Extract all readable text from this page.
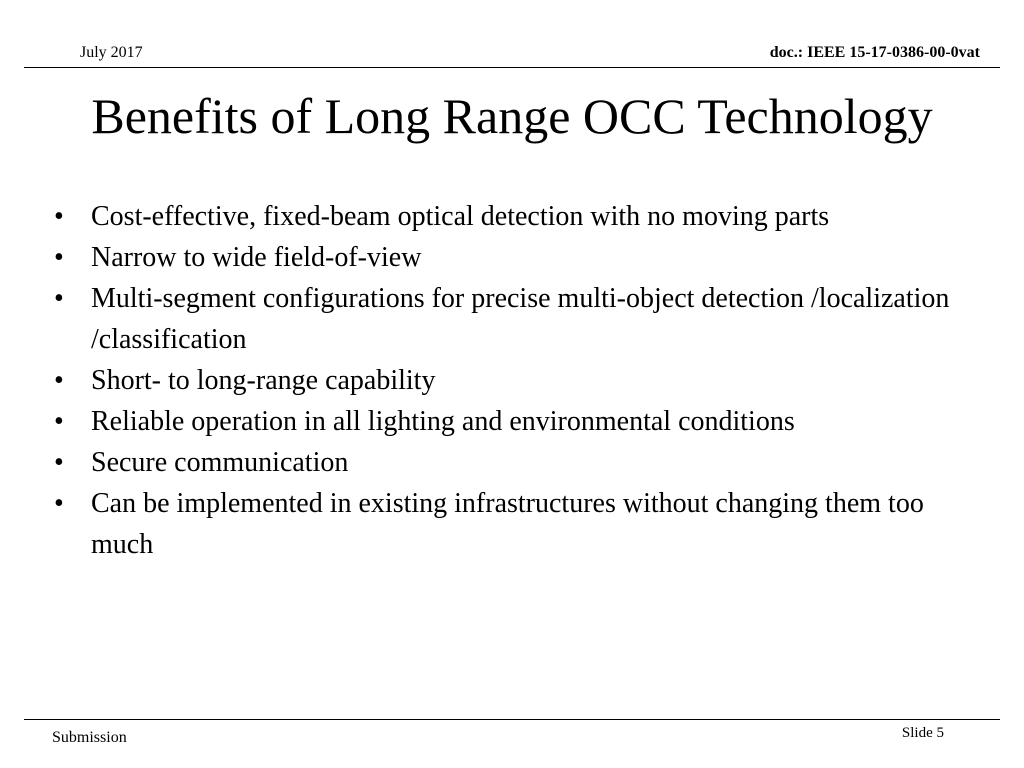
July 2017	doc.: IEEE 15-17-0386-00-0vat
Benefits of Long Range OCC Technology
• Cost-effective, fixed-beam optical detection with no moving parts
• Narrow to wide field-of-view
• Multi-segment configurations for precise multi-object detection /localization /classification
• Short- to long-range capability
• Reliable operation in all lighting and environmental conditions
• Secure communication
• Can be implemented in existing infrastructures without changing them too much
Submission	Slide 5
